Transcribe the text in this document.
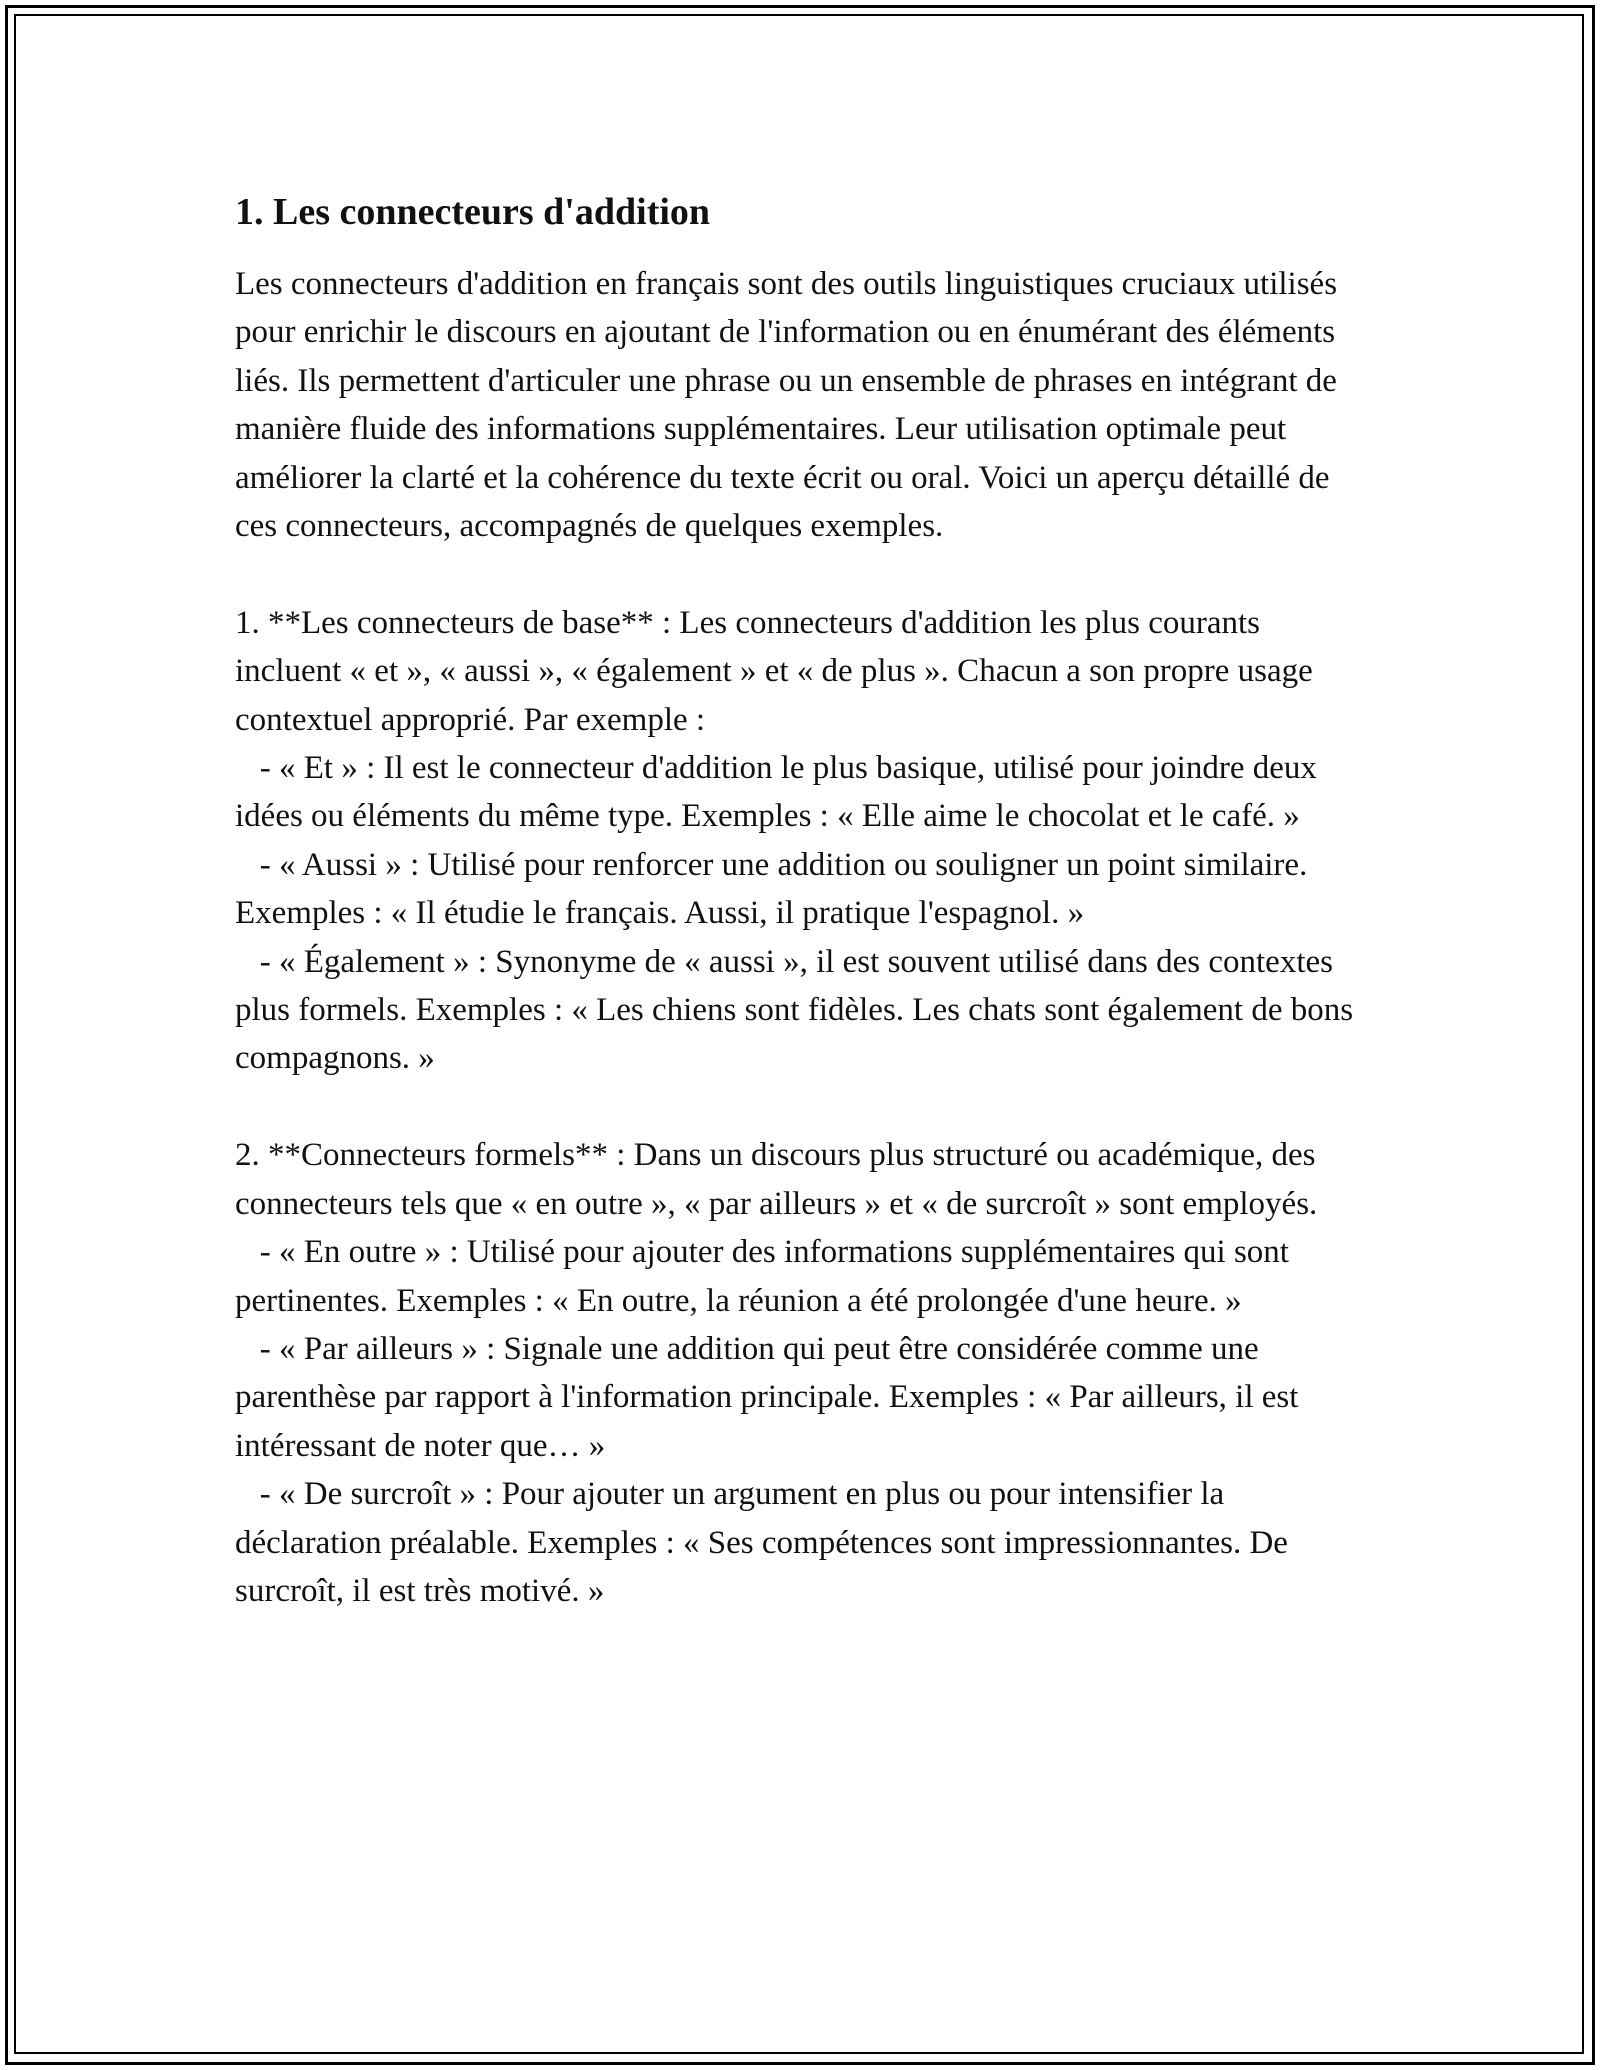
1. Les connecteurs d'addition

Les connecteurs d'addition en français sont des outils linguistiques cruciaux utilisés pour enrichir le discours en ajoutant de l'information ou en énumérant des éléments liés. Ils permettent d'articuler une phrase ou un ensemble de phrases en intégrant de manière fluide des informations supplémentaires. Leur utilisation optimale peut améliorer la clarté et la cohérence du texte écrit ou oral. Voici un aperçu détaillé de ces connecteurs, accompagnés de quelques exemples.

1. **Les connecteurs de base** : Les connecteurs d'addition les plus courants incluent « et », « aussi », « également » et « de plus ». Chacun a son propre usage contextuel approprié. Par exemple :
- « Et » : Il est le connecteur d'addition le plus basique, utilisé pour joindre deux idées ou éléments du même type. Exemples : « Elle aime le chocolat et le café. »
- « Aussi » : Utilisé pour renforcer une addition ou souligner un point similaire. Exemples : « Il étudie le français. Aussi, il pratique l'espagnol. »
- « Également » : Synonyme de « aussi », il est souvent utilisé dans des contextes plus formels. Exemples : « Les chiens sont fidèles. Les chats sont également de bons compagnons. »
2. **Connecteurs formels** : Dans un discours plus structuré ou académique, des connecteurs tels que « en outre », « par ailleurs » et « de surcroît » sont employés.
- « En outre » : Utilisé pour ajouter des informations supplémentaires qui sont pertinentes. Exemples : « En outre, la réunion a été prolongée d'une heure. »
- « Par ailleurs » : Signale une addition qui peut être considérée comme une parenthèse par rapport à l'information principale. Exemples : « Par ailleurs, il est intéressant de noter que… »
- « De surcroît » : Pour ajouter un argument en plus ou pour intensifier la déclaration préalable. Exemples : « Ses compétences sont impressionnantes. De surcroît, il est très motivé. »
